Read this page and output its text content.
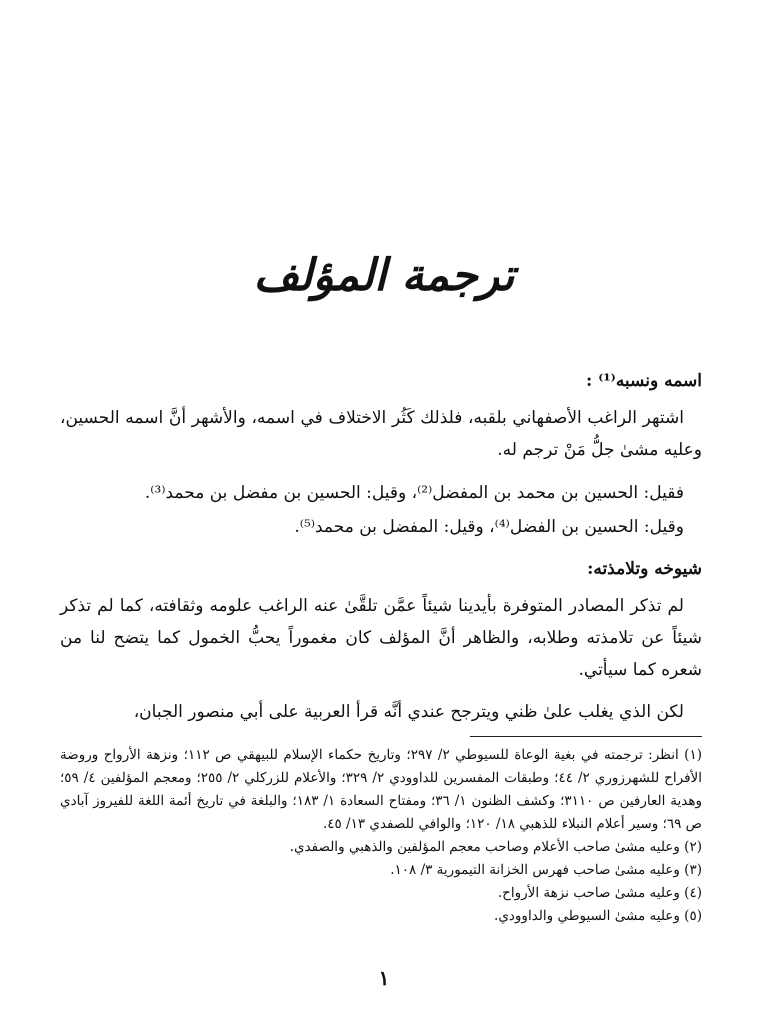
ترجمة المؤلف

اسمه ونسبه⁽¹⁾ :

اشتهر الراغب الأصفهاني بلقبه، فلذلك كَثُر الاختلاف في اسمه، والأشهر أنَّ اسمه الحسين، وعليه مشىٰ جلُّ مَنْ ترجم له.

فقيل: الحسين بن محمد بن المفضل⁽²⁾، وقيل: الحسين بن مفضل بن محمد⁽³⁾.

وقيل: الحسين بن الفضل⁽⁴⁾، وقيل: المفضل بن محمد⁽⁵⁾.

شيوخه وتلامذته:

لم تذكر المصادر المتوفرة بأيدينا شيئاً عمَّن تلقَّىٰ عنه الراغب علومه وثقافته، كما لم تذكر شيئاً عن تلامذته وطلابه، والظاهر أنَّ المؤلف كان مغموراً يحبُّ الخمول كما يتضح لنا من شعره كما سيأتي.

لكن الذي يغلب علىٰ ظني ويترجح عندي أنَّه قرأ العربية على أبي منصور الجبان،

(١) انظر: ترجمته في بغية الوعاة للسيوطي ٢/ ٢٩٧؛ وتاريخ حكماء الإسلام للبيهقي ص ١١٢؛ ونزهة الأرواح وروضة الأفراح للشهرزوري ٢/ ٤٤؛ وطبقات المفسرين للداوودي ٢/ ٣٢٩؛ والأعلام للزركلي ٢/ ٢٥٥؛ ومعجم المؤلفين ٤/ ٥٩؛ وهدية العارفين ص ٣١١٠؛ وكشف الظنون ١/ ٣٦؛ ومفتاح السعادة ١/ ١٨٣؛ والبلغة في تاريخ أئمة اللغة للفيروز آبادي ص ٦٩؛ وسير أعلام النبلاء للذهبي ١٨/ ١٢٠؛ والوافي للصفدي ١٣/ ٤٥.

(٢) وعليه مشىٰ صاحب الأعلام وصاحب معجم المؤلفين والذهبي والصفدي.

(٣) وعليه مشىٰ صاحب فهرس الخزانة التيمورية ٣/ ١٠٨.

(٤) وعليه مشىٰ صاحب نزهة الأرواح.

(٥) وعليه مشىٰ السيوطي والداوودي.

١
